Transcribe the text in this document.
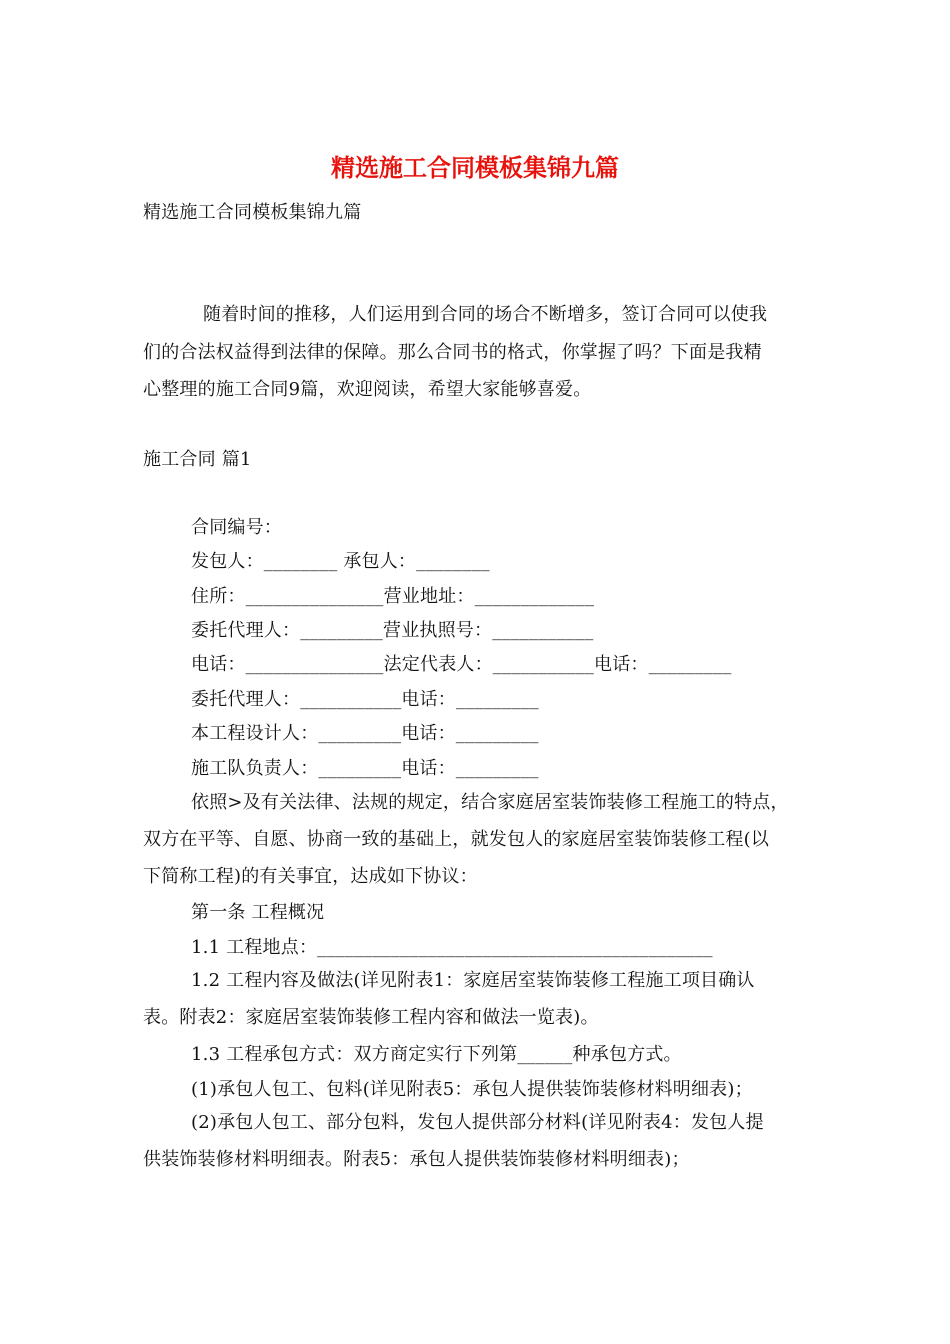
精选施工合同模板集锦九篇
精选施工合同模板集锦九篇
随着时间的推移，人们运用到合同的场合不断增多，签订合同可以使我
们的合法权益得到法律的保障。那么合同书的格式，你掌握了吗？下面是我精
心整理的施工合同9篇，欢迎阅读，希望大家能够喜爱。
施工合同 篇1
合同编号：
发包人：________ 承包人：________
住所：_______________营业地址：_____________
委托代理人：_________营业执照号：___________
电话：_______________法定代表人：___________电话：_________
委托代理人：___________电话：_________
本工程设计人：_________电话：_________
施工队负责人：_________电话：_________
依照>及有关法律、法规的规定，结合家庭居室装饰装修工程施工的特点，
双方在平等、自愿、协商一致的基础上，就发包人的家庭居室装饰装修工程(以
下简称工程)的有关事宜，达成如下协议：
第一条 工程概况
1.1 工程地点：___________________________________________
1.2 工程内容及做法(详见附表1：家庭居室装饰装修工程施工项目确认
表。附表2：家庭居室装饰装修工程内容和做法一览表)。
1.3 工程承包方式：双方商定实行下列第______种承包方式。
(1)承包人包工、包料(详见附表5：承包人提供装饰装修材料明细表)；
(2)承包人包工、部分包料，发包人提供部分材料(详见附表4：发包人提
供装饰装修材料明细表。附表5：承包人提供装饰装修材料明细表)；
